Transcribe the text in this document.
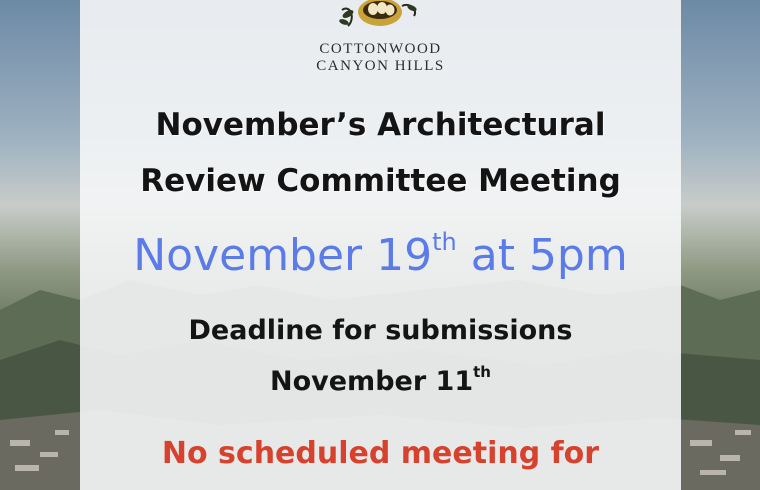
COTTONWOOD
CANYON HILLS
November’s Architectural
Review Committee Meeting
November 19th at 5pm
Deadline for submissions
November 11th
No scheduled meeting for
